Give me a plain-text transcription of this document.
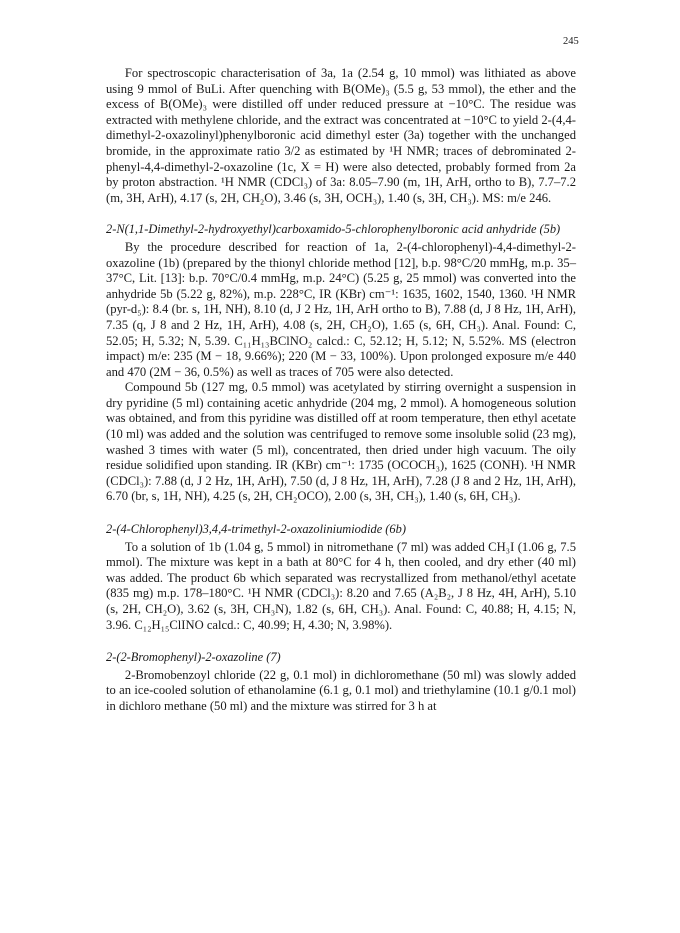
245

For spectroscopic characterisation of 3a, 1a (2.54 g, 10 mmol) was lithiated as above using 9 mmol of BuLi. After quenching with B(OMe)₃ (5.5 g, 53 mmol), the ether and the excess of B(OMe)₃ were distilled off under reduced pressure at −10°C. The residue was extracted with methylene chloride, and the extract was concentrated at −10°C to yield 2-(4,4-dimethyl-2-oxazolinyl)phenylboronic acid dimethyl ester (3a) together with the unchanged bromide, in the approximate ratio 3/2 as estimated by ¹H NMR; traces of debrominated 2-phenyl-4,4-dimethyl-2-oxazoline (1c, X = H) were also detected, probably formed from 2a by proton abstraction. ¹H NMR (CDCl₃) of 3a: 8.05–7.90 (m, 1H, ArH, ortho to B), 7.7–7.2 (m, 3H, ArH), 4.17 (s, 2H, CH₂O), 3.46 (s, 3H, OCH₃), 1.40 (s, 3H, CH₃). MS: m/e 246.

2-N(1,1-Dimethyl-2-hydroxyethyl)carboxamido-5-chlorophenylboronic acid anhydride (5b)

By the procedure described for reaction of 1a, 2-(4-chlorophenyl)-4,4-dimethyl-2-oxazoline (1b) (prepared by the thionyl chloride method [12], b.p. 98°C/20 mmHg, m.p. 35–37°C, Lit. [13]: b.p. 70°C/0.4 mmHg, m.p. 24°C) (5.25 g, 25 mmol) was converted into the anhydride 5b (5.22 g, 82%), m.p. 228°C, IR (KBr) cm⁻¹: 1635, 1602, 1540, 1360. ¹H NMR (pyr-d₅): 8.4 (br. s, 1H, NH), 8.10 (d, J 2 Hz, 1H, ArH ortho to B), 7.88 (d, J 8 Hz, 1H, ArH), 7.35 (q, J 8 and 2 Hz, 1H, ArH), 4.08 (s, 2H, CH₂O), 1.65 (s, 6H, CH₃). Anal. Found: C, 52.05; H, 5.32; N, 5.39. C₁₁H₁₃BClNO₂ calcd.: C, 52.12; H, 5.12; N, 5.52%. MS (electron impact) m/e: 235 (M − 18, 9.66%); 220 (M − 33, 100%). Upon prolonged exposure m/e 440 and 470 (2M − 36, 0.5%) as well as traces of 705 were also detected.

Compound 5b (127 mg, 0.5 mmol) was acetylated by stirring overnight a suspension in dry pyridine (5 ml) containing acetic anhydride (204 mg, 2 mmol). A homogeneous solution was obtained, and from this pyridine was distilled off at room temperature, then ethyl acetate (10 ml) was added and the solution was centrifuged to remove some insoluble solid (23 mg), washed 3 times with water (5 ml), concentrated, then dried under high vacuum. The oily residue solidified upon standing. IR (KBr) cm⁻¹: 1735 (OCOCH₃), 1625 (CONH). ¹H NMR (CDCl₃): 7.88 (d, J 2 Hz, 1H, ArH), 7.50 (d, J 8 Hz, 1H, ArH), 7.28 (J 8 and 2 Hz, 1H, ArH), 6.70 (br, s, 1H, NH), 4.25 (s, 2H, CH₂OCO), 2.00 (s, 3H, CH₃), 1.40 (s, 6H, CH₃).

2-(4-Chlorophenyl)3,4,4-trimethyl-2-oxazoliniumiodide (6b)

To a solution of 1b (1.04 g, 5 mmol) in nitromethane (7 ml) was added CH₃I (1.06 g, 7.5 mmol). The mixture was kept in a bath at 80°C for 4 h, then cooled, and dry ether (40 ml) was added. The product 6b which separated was recrystallized from methanol/ethyl acetate (835 mg) m.p. 178–180°C. ¹H NMR (CDCl₃): 8.20 and 7.65 (A₂B₂, J 8 Hz, 4H, ArH), 5.10 (s, 2H, CH₂O), 3.62 (s, 3H, CH₃N), 1.82 (s, 6H, CH₃). Anal. Found: C, 40.88; H, 4.15; N, 3.96. C₁₂H₁₅ClINO calcd.: C, 40.99; H, 4.30; N, 3.98%).

2-(2-Bromophenyl)-2-oxazoline (7)

2-Bromobenzoyl chloride (22 g, 0.1 mol) in dichloromethane (50 ml) was slowly added to an ice-cooled solution of ethanolamine (6.1 g, 0.1 mol) and triethylamine (10.1 g/0.1 mol) in dichloro methane (50 ml) and the mixture was stirred for 3 h at
